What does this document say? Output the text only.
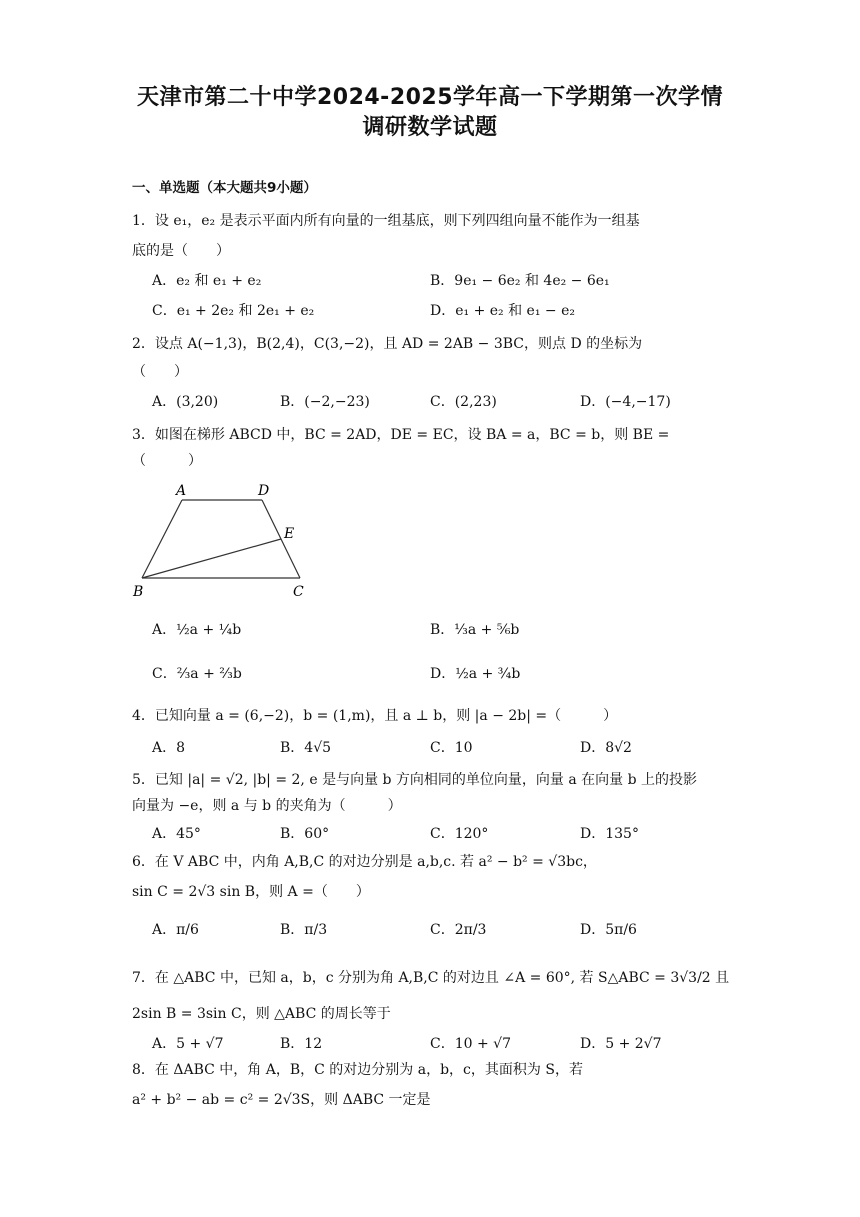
天津市第二十中学2024-2025学年高一下学期第一次学情
调研数学试题
一、单选题（本大题共9小题）
1．设 e₁，e₂ 是表示平面内所有向量的一组基底，则下列四组向量不能作为一组基
底的是（　　）
A．e₂ 和 e₁ + e₂	B．9e₁ − 6e₂ 和 4e₂ − 6e₁
C．e₁ + 2e₂ 和 2e₁ + e₂	D．e₁ + e₂ 和 e₁ − e₂
2．设点 A(−1,3)，B(2,4)，C(3,−2)，且 AD = 2AB − 3BC，则点 D 的坐标为
（　　）
A．(3,20)	B．(−2,−23)	C．(2,23)	D．(−4,−17)
3．如图在梯形 ABCD 中，BC = 2AD，DE = EC，设 BA = a，BC = b，则 BE =
（　　　）
A	D
E
B	C
A．½a + ¼b	B．⅓a + ⅚b
C．⅔a + ⅔b	D．½a + ¾b
4．已知向量 a = (6,−2)，b = (1,m)，且 a ⊥ b，则 |a − 2b| =（　　　）
A．8	B．4√5	C．10	D．8√2
5．已知 |a| = √2, |b| = 2, e 是与向量 b 方向相同的单位向量，向量 a 在向量 b 上的投影
向量为 −e，则 a 与 b 的夹角为（　　　）
A．45°	B．60°	C．120°	D．135°
6．在 V ABC 中，内角 A,B,C 的对边分别是 a,b,c. 若 a² − b² = √3bc，
sin C = 2√3 sin B，则 A =（　　）
A．π/6	B．π/3	C．2π/3	D．5π/6
7．在 △ABC 中，已知 a，b，c 分别为角 A,B,C 的对边且 ∠A = 60°, 若 S△ABC = 3√3/2 且
2sin B = 3sin C，则 △ABC 的周长等于
A．5 + √7	B．12	C．10 + √7	D．5 + 2√7
8．在 ΔABC 中，角 A，B，C 的对边分别为 a，b，c，其面积为 S，若
a² + b² − ab = c² = 2√3S，则 ΔABC 一定是
